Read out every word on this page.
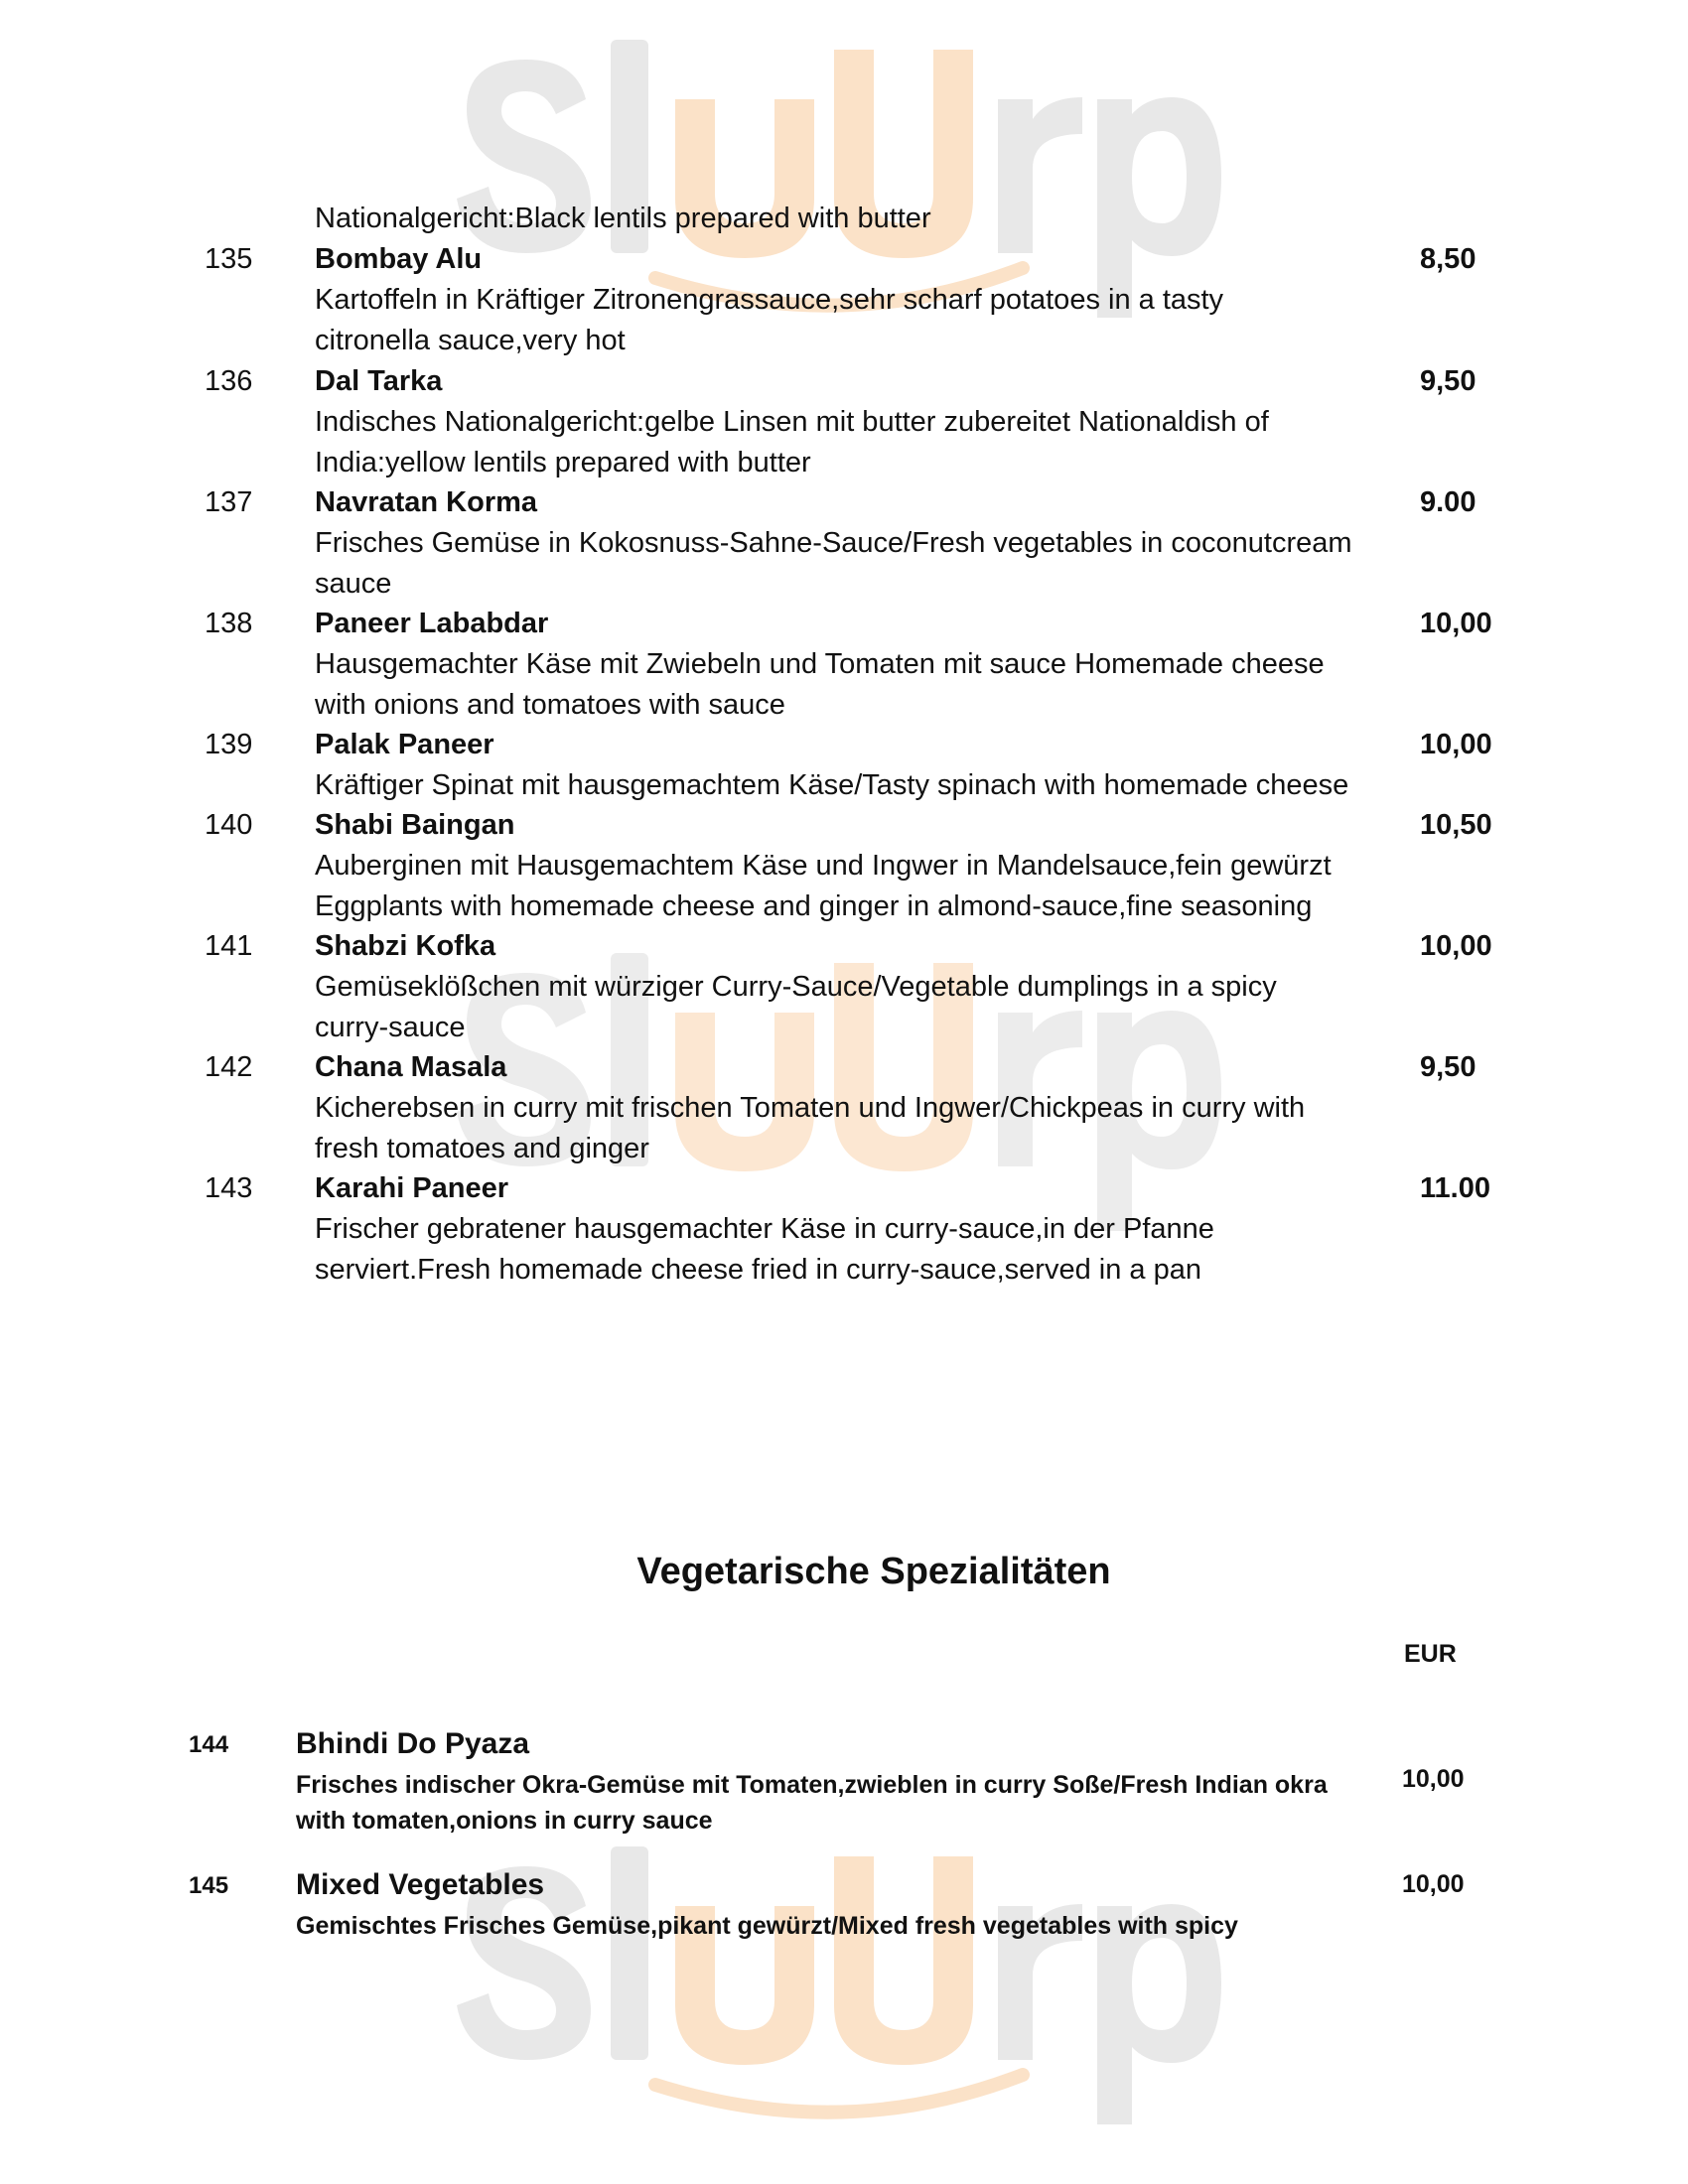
Nationalgericht:Black lentils prepared with butter
135 Bombay Alu	8,50
Kartoffeln in Kräftiger Zitronengrassauce,sehr scharf potatoes in a tasty
citronella sauce,very hot
136 Dal Tarka	9,50
Indisches Nationalgericht:gelbe Linsen mit butter zubereitet Nationaldish of
India:yellow lentils prepared with butter
137 Navratan Korma	9.00
Frisches Gemüse in Kokosnuss-Sahne-Sauce/Fresh vegetables in coconutcream
sauce
138 Paneer Lababdar	10,00
Hausgemachter Käse mit Zwiebeln und Tomaten mit sauce Homemade cheese
with onions and tomatoes with sauce
139 Palak Paneer	10,00
Kräftiger Spinat mit hausgemachtem Käse/Tasty spinach with homemade cheese
140 Shabi Baingan	10,50
Auberginen mit Hausgemachtem Käse und Ingwer in Mandelsauce,fein gewürzt
Eggplants with homemade cheese and ginger in almond-sauce,fine seasoning
141 Shabzi Kofka	10,00
Gemüseklößchen mit würziger Curry-Sauce/Vegetable dumplings in a spicy
curry-sauce
142 Chana Masala	9,50
Kicherebsen in curry mit frischen Tomaten und Ingwer/Chickpeas in curry with
fresh tomatoes and ginger
143 Karahi Paneer	11.00
Frischer gebratener hausgemachter Käse in curry-sauce,in der Pfanne
serviert.Fresh homemade cheese fried in curry-sauce,served in a pan
Vegetarische Spezialitäten
EUR
144 Bhindi Do Pyaza
Frisches indischer Okra-Gemüse mit Tomaten,zwieblen in curry Soße/Fresh Indian okra
with tomaten,onions in curry sauce
10,00
145 Mixed Vegetables
Gemischtes Frisches Gemüse,pikant gewürzt/Mixed fresh vegetables with spicy
10,00
